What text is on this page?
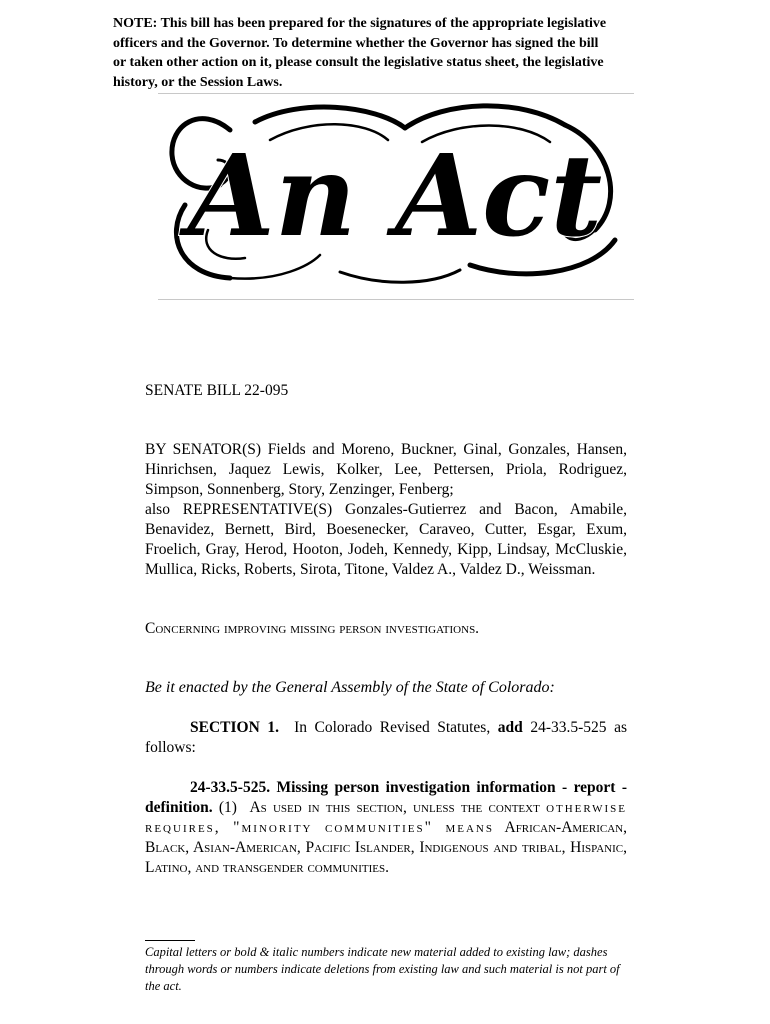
NOTE: This bill has been prepared for the signatures of the appropriate legislative
officers and the Governor. To determine whether the Governor has signed the bill
or taken other action on it, please consult the legislative status sheet, the legislative
history, or the Session Laws.
An Act
SENATE BILL 22-095
BY SENATOR(S) Fields and Moreno, Buckner, Ginal, Gonzales, Hansen, Hinrichsen, Jaquez Lewis, Kolker, Lee, Pettersen, Priola, Rodriguez, Simpson, Sonnenberg, Story, Zenzinger, Fenberg;
also REPRESENTATIVE(S) Gonzales-Gutierrez and Bacon, Amabile, Benavidez, Bernett, Bird, Boesenecker, Caraveo, Cutter, Esgar, Exum, Froelich, Gray, Herod, Hooton, Jodeh, Kennedy, Kipp, Lindsay, McCluskie, Mullica, Ricks, Roberts, Sirota, Titone, Valdez A., Valdez D., Weissman.
Concerning improving missing person investigations.
Be it enacted by the General Assembly of the State of Colorado:
SECTION 1. In Colorado Revised Statutes, add 24-33.5-525 as follows:
24-33.5-525. Missing person investigation information - report - definition. (1) As used in this section, unless the context otherwise requires, "minority communities" means African-American, Black, Asian-American, Pacific Islander, Indigenous and tribal, Hispanic, Latino, and transgender communities.
Capital letters or bold & italic numbers indicate new material added to existing law; dashes through words or numbers indicate deletions from existing law and such material is not part of the act.
